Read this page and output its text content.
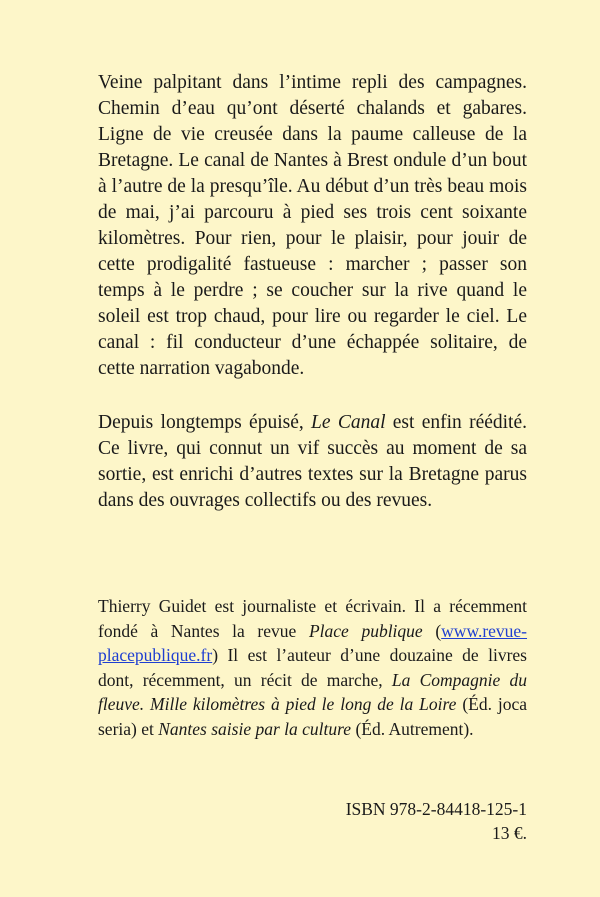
Veine palpitant dans l’intime repli des campagnes. Chemin d’eau qu’ont déserté chalands et gabares. Ligne de vie creusée dans la paume calleuse de la Bretagne. Le canal de Nantes à Brest ondule d’un bout à l’autre de la presqu’île. Au début d’un très beau mois de mai, j’ai parcouru à pied ses trois cent soixante kilomètres. Pour rien, pour le plaisir, pour jouir de cette prodigalité fastueuse : marcher ; passer son temps à le perdre ; se coucher sur la rive quand le soleil est trop chaud, pour lire ou regarder le ciel. Le canal : fil conducteur d’une échappée solitaire, de cette narration vagabonde.

Depuis longtemps épuisé, Le Canal est enfin réédité. Ce livre, qui connut un vif succès au moment de sa sortie, est enrichi d’autres textes sur la Bretagne parus dans des ouvrages collectifs ou des revues.

Thierry Guidet est journaliste et écrivain. Il a récemment fondé à Nantes la revue Place publique (www.revue-placepublique.fr) Il est l’auteur d’une douzaine de livres dont, récemment, un récit de marche, La Compagnie du fleuve. Mille kilomètres à pied le long de la Loire (Éd. joca seria) et Nantes saisie par la culture (Éd. Autrement).

ISBN 978-2-84418-125-1
13 €.
